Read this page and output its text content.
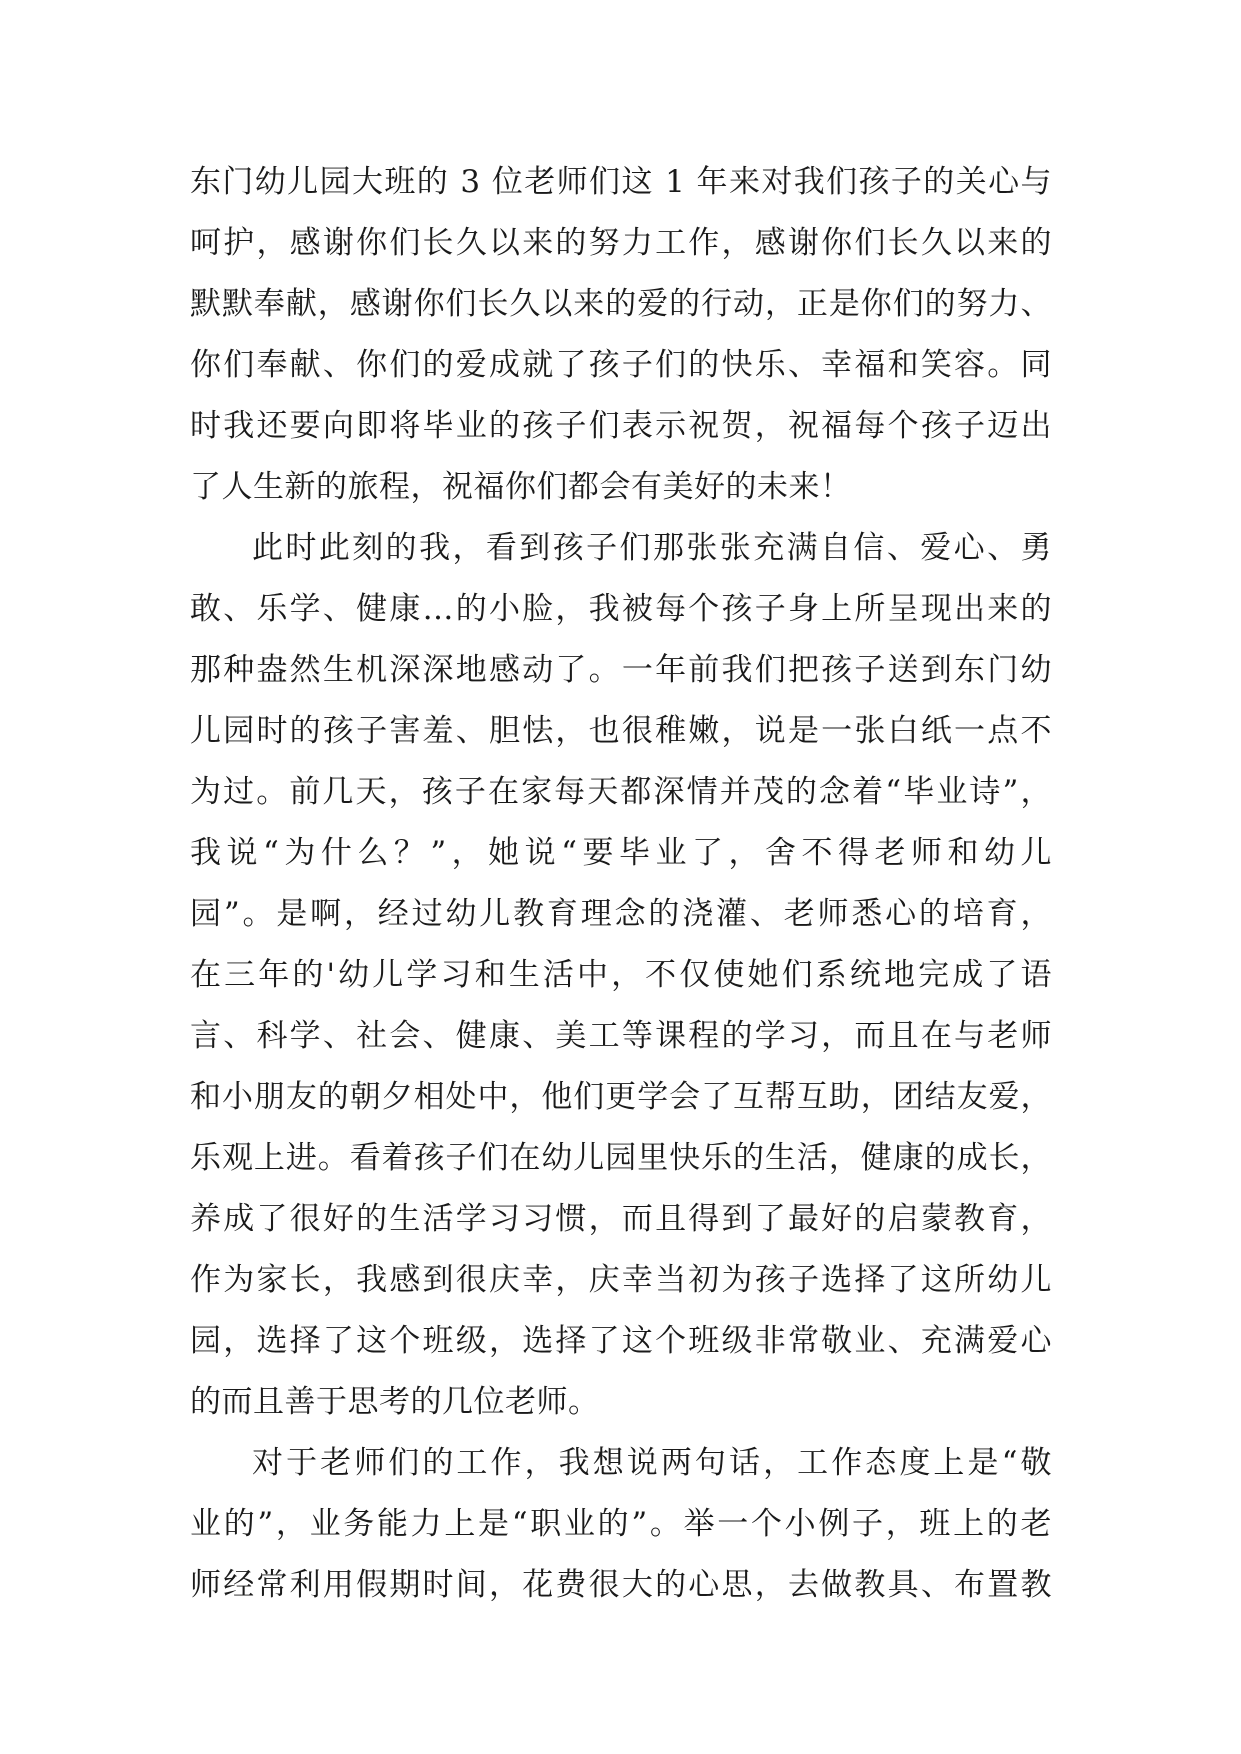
东门幼儿园大班的 3 位老师们这 1 年来对我们孩子的关心与
呵护，感谢你们长久以来的努力工作，感谢你们长久以来的
默默奉献，感谢你们长久以来的爱的行动，正是你们的努力、
你们奉献、你们的爱成就了孩子们的快乐、幸福和笑容。同
时我还要向即将毕业的孩子们表示祝贺，祝福每个孩子迈出
了人生新的旅程，祝福你们都会有美好的未来！
此时此刻的我，看到孩子们那张张充满自信、爱心、勇
敢、乐学、健康…的小脸，我被每个孩子身上所呈现出来的
那种盎然生机深深地感动了。一年前我们把孩子送到东门幼
儿园时的孩子害羞、胆怯，也很稚嫩，说是一张白纸一点不
为过。前几天，孩子在家每天都深情并茂的念着“毕业诗”，
我说“为什么？”，她说“要毕业了，舍不得老师和幼儿
园”。是啊，经过幼儿教育理念的浇灌、老师悉心的培育，
在三年的'幼儿学习和生活中，不仅使她们系统地完成了语
言、科学、社会、健康、美工等课程的学习，而且在与老师
和小朋友的朝夕相处中，他们更学会了互帮互助，团结友爱，
乐观上进。看着孩子们在幼儿园里快乐的生活，健康的成长，
养成了很好的生活学习习惯，而且得到了最好的启蒙教育，
作为家长，我感到很庆幸，庆幸当初为孩子选择了这所幼儿
园，选择了这个班级，选择了这个班级非常敬业、充满爱心
的而且善于思考的几位老师。
对于老师们的工作，我想说两句话，工作态度上是“敬
业的”，业务能力上是“职业的”。举一个小例子，班上的老
师经常利用假期时间，花费很大的心思，去做教具、布置教
